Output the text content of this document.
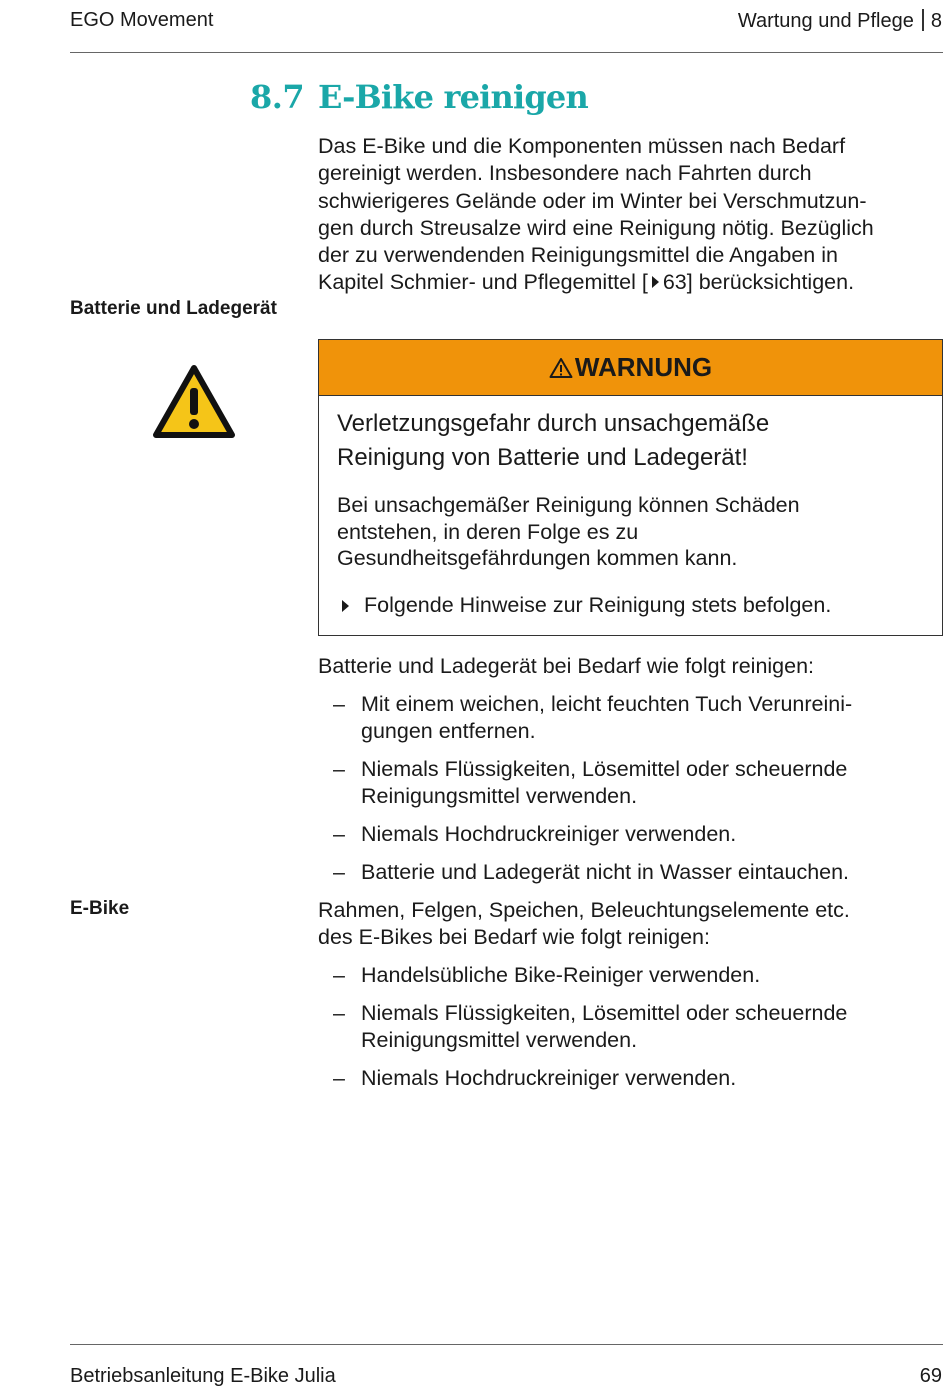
EGO Movement	Wartung und Pflege 8
8.7 E-Bike reinigen
Das E-Bike und die Komponenten müssen nach Bedarf
gereinigt werden. Insbesondere nach Fahrten durch
schwierigeres Gelände oder im Winter bei Verschmutzun-
gen durch Streusalze wird eine Reinigung nötig. Bezüglich
der zu verwendenden Reinigungsmittel die Angaben in
Kapitel Schmier- und Pflegemittel [ 63] berücksichtigen.
Batterie und Ladegerät
WARNUNG
Verletzungsgefahr durch unsachgemäße
Reinigung von Batterie und Ladegerät!
Bei unsachgemäßer Reinigung können Schäden
entstehen, in deren Folge es zu
Gesundheitsgefährdungen kommen kann.
Folgende Hinweise zur Reinigung stets befolgen.
Batterie und Ladegerät bei Bedarf wie folgt reinigen:
– Mit einem weichen, leicht feuchten Tuch Verunreini-
gungen entfernen.
– Niemals Flüssigkeiten, Lösemittel oder scheuernde
Reinigungsmittel verwenden.
– Niemals Hochdruckreiniger verwenden.
– Batterie und Ladegerät nicht in Wasser eintauchen.
E-Bike	Rahmen, Felgen, Speichen, Beleuchtungselemente etc.
des E-Bikes bei Bedarf wie folgt reinigen:
– Handelsübliche Bike-Reiniger verwenden.
– Niemals Flüssigkeiten, Lösemittel oder scheuernde
Reinigungsmittel verwenden.
– Niemals Hochdruckreiniger verwenden.
Betriebsanleitung E-Bike Julia	69
